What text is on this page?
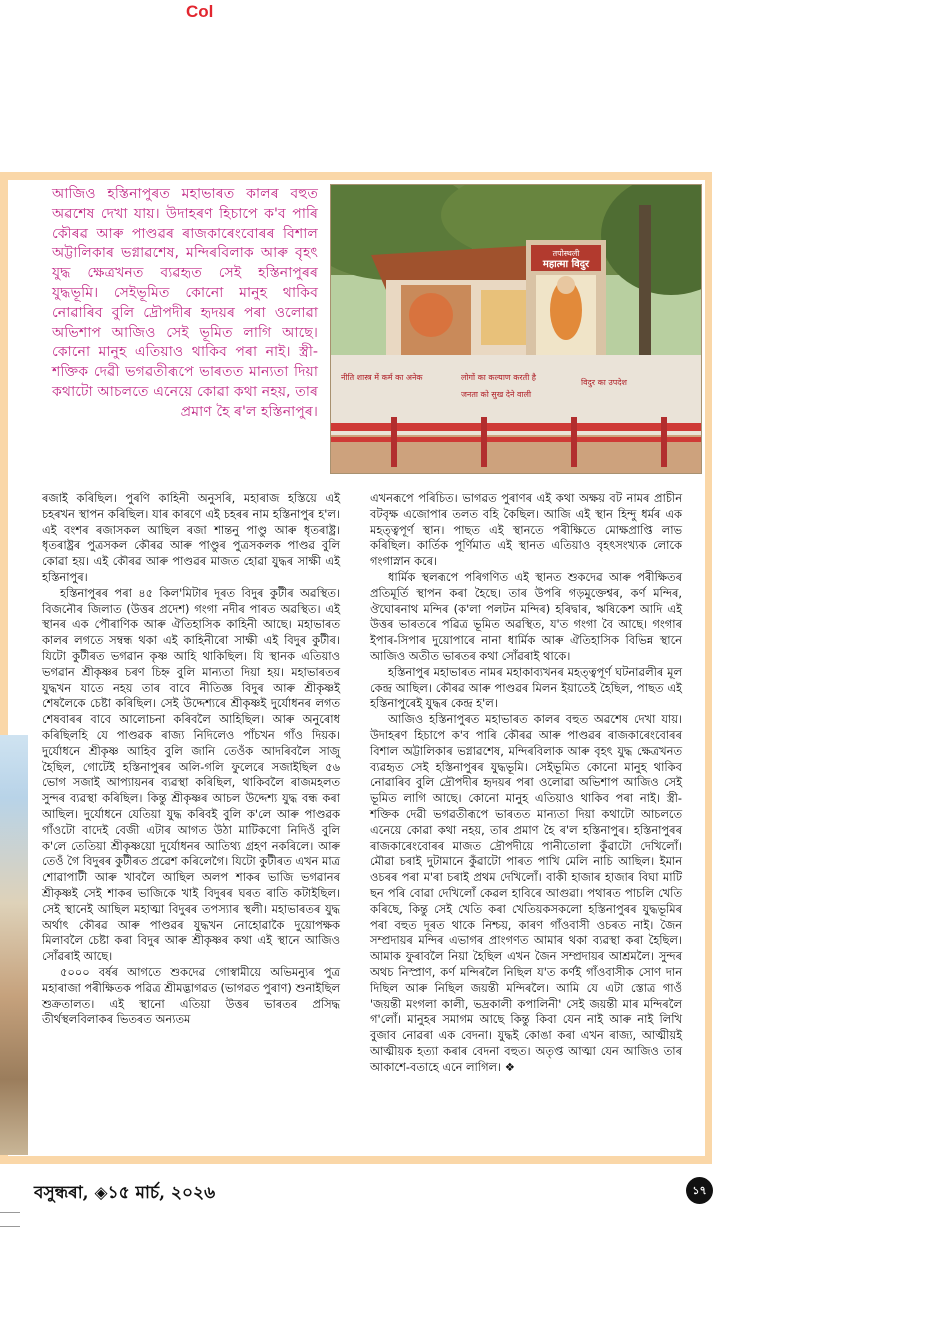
Col

আজিও হস্তিনাপুৰত মহাভাৰত কালৰ বহুত অৱশেষ দেখা যায়। উদাহৰণ হিচাপে ক'ব পাৰি কৌৰৱ আৰু পাণ্ডৱৰ ৰাজকাৰেংবোৰৰ বিশাল অট্টালিকাৰ ভগ্নাৱশেষ, মন্দিৰবিলাক আৰু বৃহৎ যুদ্ধ ক্ষেত্ৰখনত ব্যৱহৃত সেই হস্তিনাপুৰৰ যুদ্ধভূমি। সেইভূমিত কোনো মানুহ থাকিব নোৱাৰিব বুলি দ্ৰৌপদীৰ হৃদয়ৰ পৰা ওলোৱা অভিশাপ আজিও সেই ভূমিত লাগি আছে। কোনো মানুহ এতিয়াও থাকিব পৰা নাই। স্ত্ৰী-শক্তিক দেৱী ভগৱতীৰূপে ভাৰতত মান্যতা দিয়া কথাটো আচলতে এনেয়ে কোৱা কথা নহয়, তাৰ প্ৰমাণ হৈ ৰ'ল হস্তিনাপুৰ।

तपोस्थली
महात्मा विदुर
नीति शास्त्र में कर्म का अनेक	लोगों का कल्याण करती है
जनता को सुख देने वाली
विदुर का उपदेश

ৰজাই কৰিছিল। পুৰণি কাহিনী অনুসৰি, মহাৰাজ হস্তিয়ে এই চহৰখন স্থাপন কৰিছিল। যাৰ কাৰণে এই চহৰৰ নাম হস্তিনাপুৰ হ'ল। এই বংশৰ ৰজাসকল আছিল ৰজা শান্তনু পাণ্ডু আৰু ধৃতৰাষ্ট্ৰ। ধৃতৰাষ্ট্ৰৰ পুত্ৰসকল কৌৰৱ আৰু পাণ্ডুৰ পুত্ৰসকলক পাণ্ডৱ বুলি কোৱা হয়। এই কৌৰৱ আৰু পাণ্ডৱৰ মাজত হোৱা যুদ্ধৰ সাক্ষী এই হস্তিনাপুৰ।

হস্তিনাপুৰৰ পৰা ৪৫ কিল'মিটাৰ দূৰত বিদুৰ কুটীৰ অৱস্থিত। বিজনৌৰ জিলাত (উত্তৰ প্ৰদেশ) গংগা নদীৰ পাৰত অৱস্থিত। এই স্থানৰ এক পৌৰাণিক আৰু ঐতিহাসিক কাহিনী আছে। মহাভাৰত কালৰ লগতে সম্বন্ধ থকা এই কাহিনীৰো সাক্ষী এই বিদুৰ কুটীৰ। যিটো কুটীৰত ভগৱান কৃষ্ণ আহি থাকিছিল। যি স্থানক এতিয়াও ভগৱান শ্ৰীকৃষ্ণৰ চৰণ চিহ্ন বুলি মান্যতা দিয়া হয়। মহাভাৰতৰ যুদ্ধখন যাতে নহয় তাৰ বাবে নীতিজ্ঞ বিদুৰ আৰু শ্ৰীকৃষ্ণই শেষলৈকে চেষ্টা কৰিছিল। সেই উদ্দেশ্যৰে শ্ৰীকৃষ্ণই দুৰ্যোধনৰ লগত শেষবাৰৰ বাবে আলোচনা কৰিবলৈ আহিছিল। আৰু অনুৰোধ কৰিছিলহি যে পাণ্ডৱক ৰাজ্য নিদিলেও পাঁচখন গাঁও দিয়ক। দুৰ্যোধনে শ্ৰীকৃষ্ণ আহিব বুলি জানি তেওঁক আদৰিবলৈ সাজু হৈছিল, গোটেই হস্তিনাপুৰৰ অলি-গলি ফুলেৰে সজাইছিল ৫৬ ভোগ সজাই আপ্যায়নৰ ব্যৱস্থা কৰিছিল, থাকিবলৈ ৰাজমহলত সুন্দৰ ব্যৱস্থা কৰিছিল। কিন্তু শ্ৰীকৃষ্ণৰ আচল উদ্দেশ্য যুদ্ধ বন্ধ কৰা আছিল। দুৰ্যোধনে যেতিয়া যুদ্ধ কৰিবই বুলি ক'লে আৰু পাণ্ডৱক গাঁওটো বাদেই বেজী এটাৰ আগত উঠা মাটিকণো নিদিওঁ বুলি ক'লে তেতিয়া শ্ৰীকৃষ্ণয়ো দুৰ্যোধনৰ আতিথ্য গ্ৰহণ নকৰিলে। আৰু তেওঁ গৈ বিদুৰৰ কুটীৰত প্ৰৱেশ কৰিলেগৈ। যিটো কুটীৰত এখন মাত্ৰ শোৱাপাটী আৰু খাবলৈ আছিল অলপ শাকৰ ভাজি ভগৱানৰ শ্ৰীকৃষ্ণই সেই শাকৰ ভাজিকে খাই বিদুৰৰ ঘৰত ৰাতি কটাইছিল। সেই স্থানেই আছিল মহাত্মা বিদুৰৰ তপস্যাৰ স্থলী। মহাভাৰতৰ যুদ্ধ অৰ্থাৎ কৌৰৱ আৰু পাণ্ডৱৰ যুদ্ধখন নোহোৱাকৈ দুয়োপক্ষক মিলাবলৈ চেষ্টা কৰা বিদুৰ আৰু শ্ৰীকৃষ্ণৰ কথা এই স্থানে আজিও সোঁৱৰাই আছে।

৫০০০ বৰ্ষৰ আগতে শুকদেৱ গোস্বামীয়ে অভিমন্যুৰ পুত্ৰ মহাৰাজা পৰীক্ষিতক পৱিত্ৰ শ্ৰীমদ্ভাগৱত (ভাগৱত পুৰাণ) শুনাইছিল শুক্ৰতালত। এই স্থানো এতিয়া উত্তৰ ভাৰতৰ প্ৰসিদ্ধ তীৰ্থস্থলবিলাকৰ ভিতৰত অন্যতম

এখনৰূপে পৰিচিত। ভাগৱত পুৰাণৰ এই কথা অক্ষয় বট নামৰ প্ৰাচীন বটবৃক্ষ এজোপাৰ তলত বহি কৈছিল। আজি এই স্থান হিন্দু ধৰ্মৰ এক মহত্ত্বপূৰ্ণ স্থান। পাছত এই স্থানতে পৰীক্ষিতে মোক্ষপ্ৰাপ্তি লাভ কৰিছিল। কাৰ্তিক পূৰ্ণিমাত এই স্থানত এতিয়াও বৃহৎসংখ্যক লোকে গংগাস্নান কৰে।

ধাৰ্মিক স্থলৰূপে পৰিগণিত এই স্থানত শুকদেৱ আৰু পৰীক্ষিতৰ প্ৰতিমূৰ্তি স্থাপন কৰা হৈছে। তাৰ উপৰি গড়মুক্তেশ্বৰ, কৰ্ণ মন্দিৰ, ঔঘোৰনাথ মন্দিৰ (ক'লা পলটন মন্দিৰ) হৰিদ্বাৰ, ঋষিকেশ আদি এই উত্তৰ ভাৰতৰে পৱিত্ৰ ভূমিত অৱস্থিত, য'ত গংগা বৈ আছে। গংগাৰ ইপাৰ-সিপাৰ দুয়োপাৰে নানা ধাৰ্মিক আৰু ঐতিহাসিক বিভিন্ন স্থানে আজিও অতীত ভাৰতৰ কথা সোঁৱৰাই থাকে।

হস্তিনাপুৰ মহাভাৰত নামৰ মহাকাব্যখনৰ মহত্ত্বপূৰ্ণ ঘটনাৱলীৰ মূল কেন্দ্ৰ আছিল। কৌৰৱ আৰু পাণ্ডৱৰ মিলন ইয়াতেই হৈছিল, পাছত এই হস্তিনাপুৰেই যুদ্ধৰ কেন্দ্ৰ হ'ল।

আজিও হস্তিনাপুৰত মহাভাৰত কালৰ বহুত অৱশেষ দেখা যায়। উদাহৰণ হিচাপে ক'ব পাৰি কৌৰৱ আৰু পাণ্ডৱৰ ৰাজকাৰেংবোৰৰ বিশাল অট্টালিকাৰ ভগ্নাৱশেষ, মন্দিৰবিলাক আৰু বৃহৎ যুদ্ধ ক্ষেত্ৰখনত ব্যৱহৃত সেই হস্তিনাপুৰৰ যুদ্ধভূমি। সেইভূমিত কোনো মানুহ থাকিব নোৱাৰিব বুলি দ্ৰৌপদীৰ হৃদয়ৰ পৰা ওলোৱা অভিশাপ আজিও সেই ভূমিত লাগি আছে। কোনো মানুহ এতিয়াও থাকিব পৰা নাই। স্ত্ৰী-শক্তিক দেৱী ভগৱতীৰূপে ভাৰতত মান্যতা দিয়া কথাটো আচলতে এনেয়ে কোৱা কথা নহয়, তাৰ প্ৰমাণ হৈ ৰ'ল হস্তিনাপুৰ। হস্তিনাপুৰৰ ৰাজকাৰেংবোৰৰ মাজত দ্ৰৌপদীয়ে পানীতোলা কুঁৱাটো দেখিলোঁ। মৌৱা চৰাই দুটামানে কুঁৱাটো পাৰত পাখি মেলি নাচি আছিল। ইমান ওচৰৰ পৰা ম'ৰা চৰাই প্ৰথম দেখিলোঁ। বাকী হাজাৰ হাজাৰ বিঘা মাটি ছন পৰি বোৱা দেখিলোঁ কেৱল হাবিৰে আগুৱা। পথাৰত পাচলি খেতি কৰিছে, কিন্তু সেই খেতি কৰা খেতিয়কসকলো হস্তিনাপুৰৰ যুদ্ধভূমিৰ পৰা বহুত দূৰত থাকে নিশ্চয়, কাৰণ গাঁওবাসী ওচৰত নাই। জৈন সম্প্ৰদায়ৰ মন্দিৰ এভাগৰ প্ৰাংগণত আমাৰ থকা ব্যৱস্থা কৰা হৈছিল। আমাক ফুৰাবলৈ নিয়া হৈছিল এখন জৈন সম্প্ৰদায়ৰ আশ্ৰমলৈ। সুন্দৰ অথচ নিস্প্ৰাণ, কৰ্ণ মন্দিৰলৈ নিছিল য'ত কৰ্ণই গাঁওবাসীক সোণ দান দিছিল আৰু নিছিল জয়ন্তী মন্দিৰলৈ। আমি যে এটা স্তোত্ৰ গাওঁ 'জয়ন্তী মংগলা কালী, ভদ্ৰকালী কপালিনী' সেই জয়ন্তী মাৰ মন্দিৰলৈ গ'লোঁ। মানুহৰ সমাগম আছে কিন্তু কিবা যেন নাই আৰু নাই লিখি বুজাব নোৱৰা এক বেদনা। যুদ্ধই কোঙা কৰা এখন ৰাজ্য, আত্মীয়ই আত্মীয়ক হত্যা কৰাৰ বেদনা বহুত। অতৃপ্ত আত্মা যেন আজিও তাৰ আকাশে-বতাহে এনে লাগিল। ❖

বসুন্ধৰা, ◈১৫ মাৰ্চ, ২০২৬	১৭
